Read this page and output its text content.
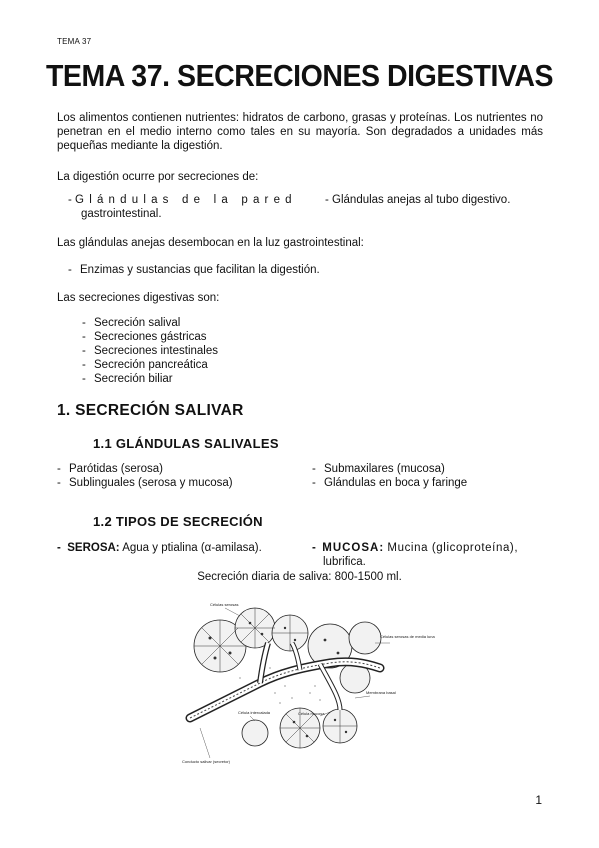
TEMA 37
TEMA 37. SECRECIONES DIGESTIVAS
Los alimentos contienen nutrientes: hidratos de carbono, grasas y proteínas. Los nutrientes no penetran en el medio interno como tales en su mayoría. Son degradados a unidades más pequeñas mediante la digestión.
La digestión ocurre por secreciones de:
- Glándulas de la pared
gastrointestinal.
- Glándulas anejas al tubo digestivo.
Las glándulas anejas desembocan en la luz gastrointestinal:
- Enzimas y sustancias que facilitan la digestión.
Las secreciones digestivas son:
- Secreción salival
- Secreciones gástricas
- Secreciones intestinales
- Secreción pancreática
- Secreción biliar
1. SECRECIÓN SALIVAR
1.1 GLÁNDULAS SALIVALES
- Parótidas (serosa)
- Sublinguales (serosa y mucosa)
- Submaxilares (mucosa)
- Glándulas en boca y faringe
1.2 TIPOS DE SECRECIÓN
-  SEROSA: Agua y ptialina (α-amilasa).	-  MUCOSA: Mucina (glicoproteína),
lubrifica.
Secreción diaria de saliva: 800-1500 ml.
Células serosas
Células serosas de media luna
Membrana basal
Célula mucosa
Célula intercalada
Conducto salivar (secretor)
1
